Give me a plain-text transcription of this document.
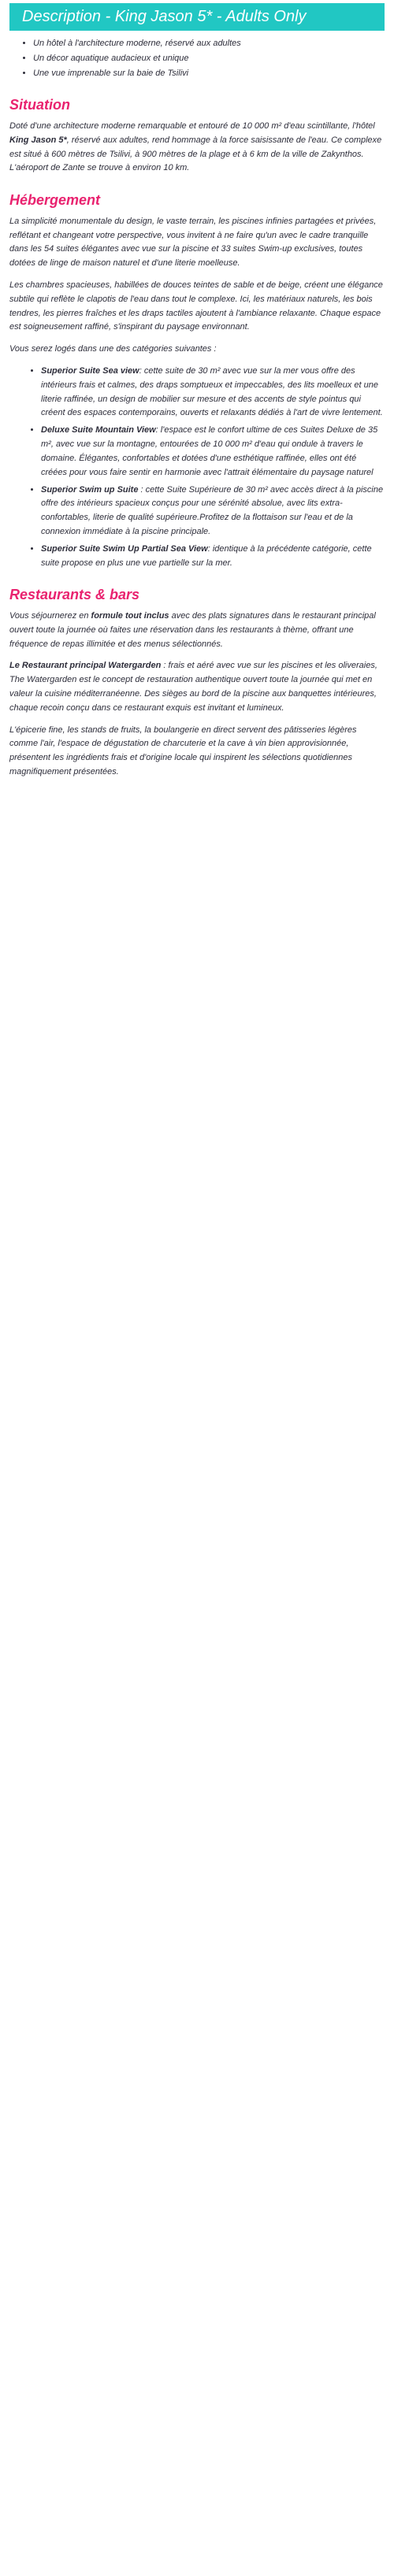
Description - King Jason 5* - Adults Only
• Un hôtel à l'architecture moderne, réservé aux adultes
• Un décor aquatique audacieux et unique
• Une vue imprenable sur la baie de Tsilivi
Situation

Doté d'une architecture moderne remarquable et entouré de 10 000 m² d'eau scintillante, l'hôtel King Jason 5*, réservé aux adultes, rend hommage à la force saisissante de l'eau. Ce complexe est situé à 600 mètres de Tsilivi, à 900 mètres de la plage et à 6 km de la ville de Zakynthos. L'aéroport de Zante se trouve à environ 10 km.

Hébergement

La simplicité monumentale du design, le vaste terrain, les piscines infinies partagées et privées, reflétant et changeant votre perspective, vous invitent à ne faire qu'un avec le cadre tranquille dans les 54 suites élégantes avec vue sur la piscine et 33 suites Swim-up exclusives, toutes dotées de linge de maison naturel et d'une literie moelleuse.

Les chambres spacieuses, habillées de douces teintes de sable et de beige, créent une élégance subtile qui reflète le clapotis de l'eau dans tout le complexe. Ici, les matériaux naturels, les bois tendres, les pierres fraîches et les draps tactiles ajoutent à l'ambiance relaxante. Chaque espace est soigneusement raffiné, s'inspirant du paysage environnant.

Vous serez logés dans une des catégories suivantes :

• Superior Suite Sea view: cette suite de 30 m² avec vue sur la mer vous offre des intérieurs frais et calmes, des draps somptueux et impeccables, des lits moelleux et une literie raffinée, un design de mobilier sur mesure et des accents de style pointus qui créent des espaces contemporains, ouverts et relaxants dédiés à l'art de vivre lentement.
• Deluxe Suite Mountain View: l'espace est le confort ultime de ces Suites Deluxe de 35 m², avec vue sur la montagne, entourées de 10 000 m² d'eau qui ondule à travers le domaine. Élégantes, confortables et dotées d'une esthétique raffinée, elles ont été créées pour vous faire sentir en harmonie avec l'attrait élémentaire du paysage naturel
• Superior Swim up Suite : cette Suite Supérieure de 30 m² avec accès direct à la piscine offre des intérieurs spacieux conçus pour une sérénité absolue, avec lits extra-confortables, literie de qualité supérieure.Profitez de la flottaison sur l'eau et de la connexion immédiate à la piscine principale.
• Superior Suite Swim Up Partial Sea View: identique à la précédente catégorie, cette suite propose en plus une vue partielle sur la mer.
Restaurants & bars

Vous séjournerez en formule tout inclus avec des plats signatures dans le restaurant principal ouvert toute la journée où faites une réservation dans les restaurants à thème, offrant une fréquence de repas illimitée et des menus sélectionnés.

Le Restaurant principal Watergarden : frais et aéré avec vue sur les piscines et les oliveraies, The Watergarden est le concept de restauration authentique ouvert toute la journée qui met en valeur la cuisine méditerranéenne. Des sièges au bord de la piscine aux banquettes intérieures, chaque recoin conçu dans ce restaurant exquis est invitant et lumineux.

L'épicerie fine, les stands de fruits, la boulangerie en direct servent des pâtisseries légères comme l'air, l'espace de dégustation de charcuterie et la cave à vin bien approvisionnée, présentent les ingrédients frais et d'origine locale qui inspirent les sélections quotidiennes magnifiquement présentées.
